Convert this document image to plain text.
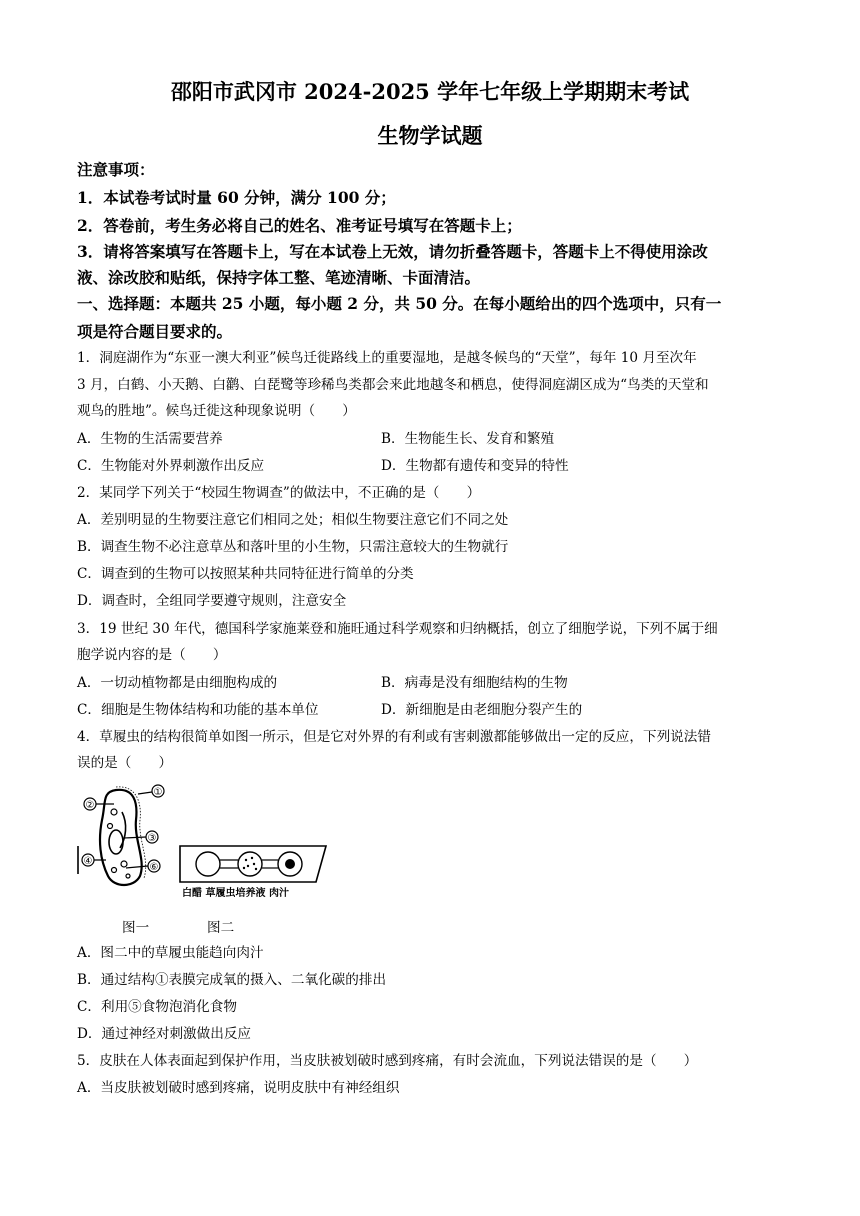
邵阳市武冈市 2024-2025 学年七年级上学期期末考试
生物学试题
注意事项：
1．本试卷考试时量 60 分钟，满分 100 分；
2．答卷前，考生务必将自己的姓名、准考证号填写在答题卡上；
3．请将答案填写在答题卡上，写在本试卷上无效，请勿折叠答题卡，答题卡上不得使用涂改
液、涂改胶和贴纸，保持字体工整、笔迹清晰、卡面清洁。
一、选择题：本题共 25 小题，每小题 2 分，共 50 分。在每小题给出的四个选项中，只有一
项是符合题目要求的。
1．洞庭湖作为“东亚一澳大利亚”候鸟迁徙路线上的重要湿地，是越冬候鸟的“天堂”，每年 10 月至次年
3 月，白鹤、小天鹅、白鹳、白琵鹭等珍稀鸟类都会来此地越冬和栖息，使得洞庭湖区成为“鸟类的天堂和
观鸟的胜地”。候鸟迁徙这种现象说明（　　）
A．生物的生活需要营养	B．生物能生长、发育和繁殖
C．生物能对外界刺激作出反应	D．生物都有遗传和变异的特性
2．某同学下列关于“校园生物调查”的做法中，不正确的是（　　）
A．差别明显的生物要注意它们相同之处；相似生物要注意它们不同之处
B．调查生物不必注意草丛和落叶里的小生物，只需注意较大的生物就行
C．调查到的生物可以按照某种共同特征进行简单的分类
D．调查时，全组同学要遵守规则，注意安全
3．19 世纪 30 年代，德国科学家施莱登和施旺通过科学观察和归纳概括，创立了细胞学说，下列不属于细
胞学说内容的是（　　）
A．一切动植物都是由细胞构成的	B．病毒是没有细胞结构的生物
C．细胞是生物体结构和功能的基本单位	D．新细胞是由老细胞分裂产生的
4．草履虫的结构很简单如图一所示，但是它对外界的有利或有害刺激都能够做出一定的反应，下列说法错
误的是（　　）
②
①
③
⑥
④
白醋 草履虫培养液 肉汁
图一	图二
A．图二中的草履虫能趋向肉汁
B．通过结构①表膜完成氧的摄入、二氧化碳的排出
C．利用⑤食物泡消化食物
D．通过神经对刺激做出反应
5．皮肤在人体表面起到保护作用，当皮肤被划破时感到疼痛，有时会流血，下列说法错误的是（　　）
A．当皮肤被划破时感到疼痛，说明皮肤中有神经组织
